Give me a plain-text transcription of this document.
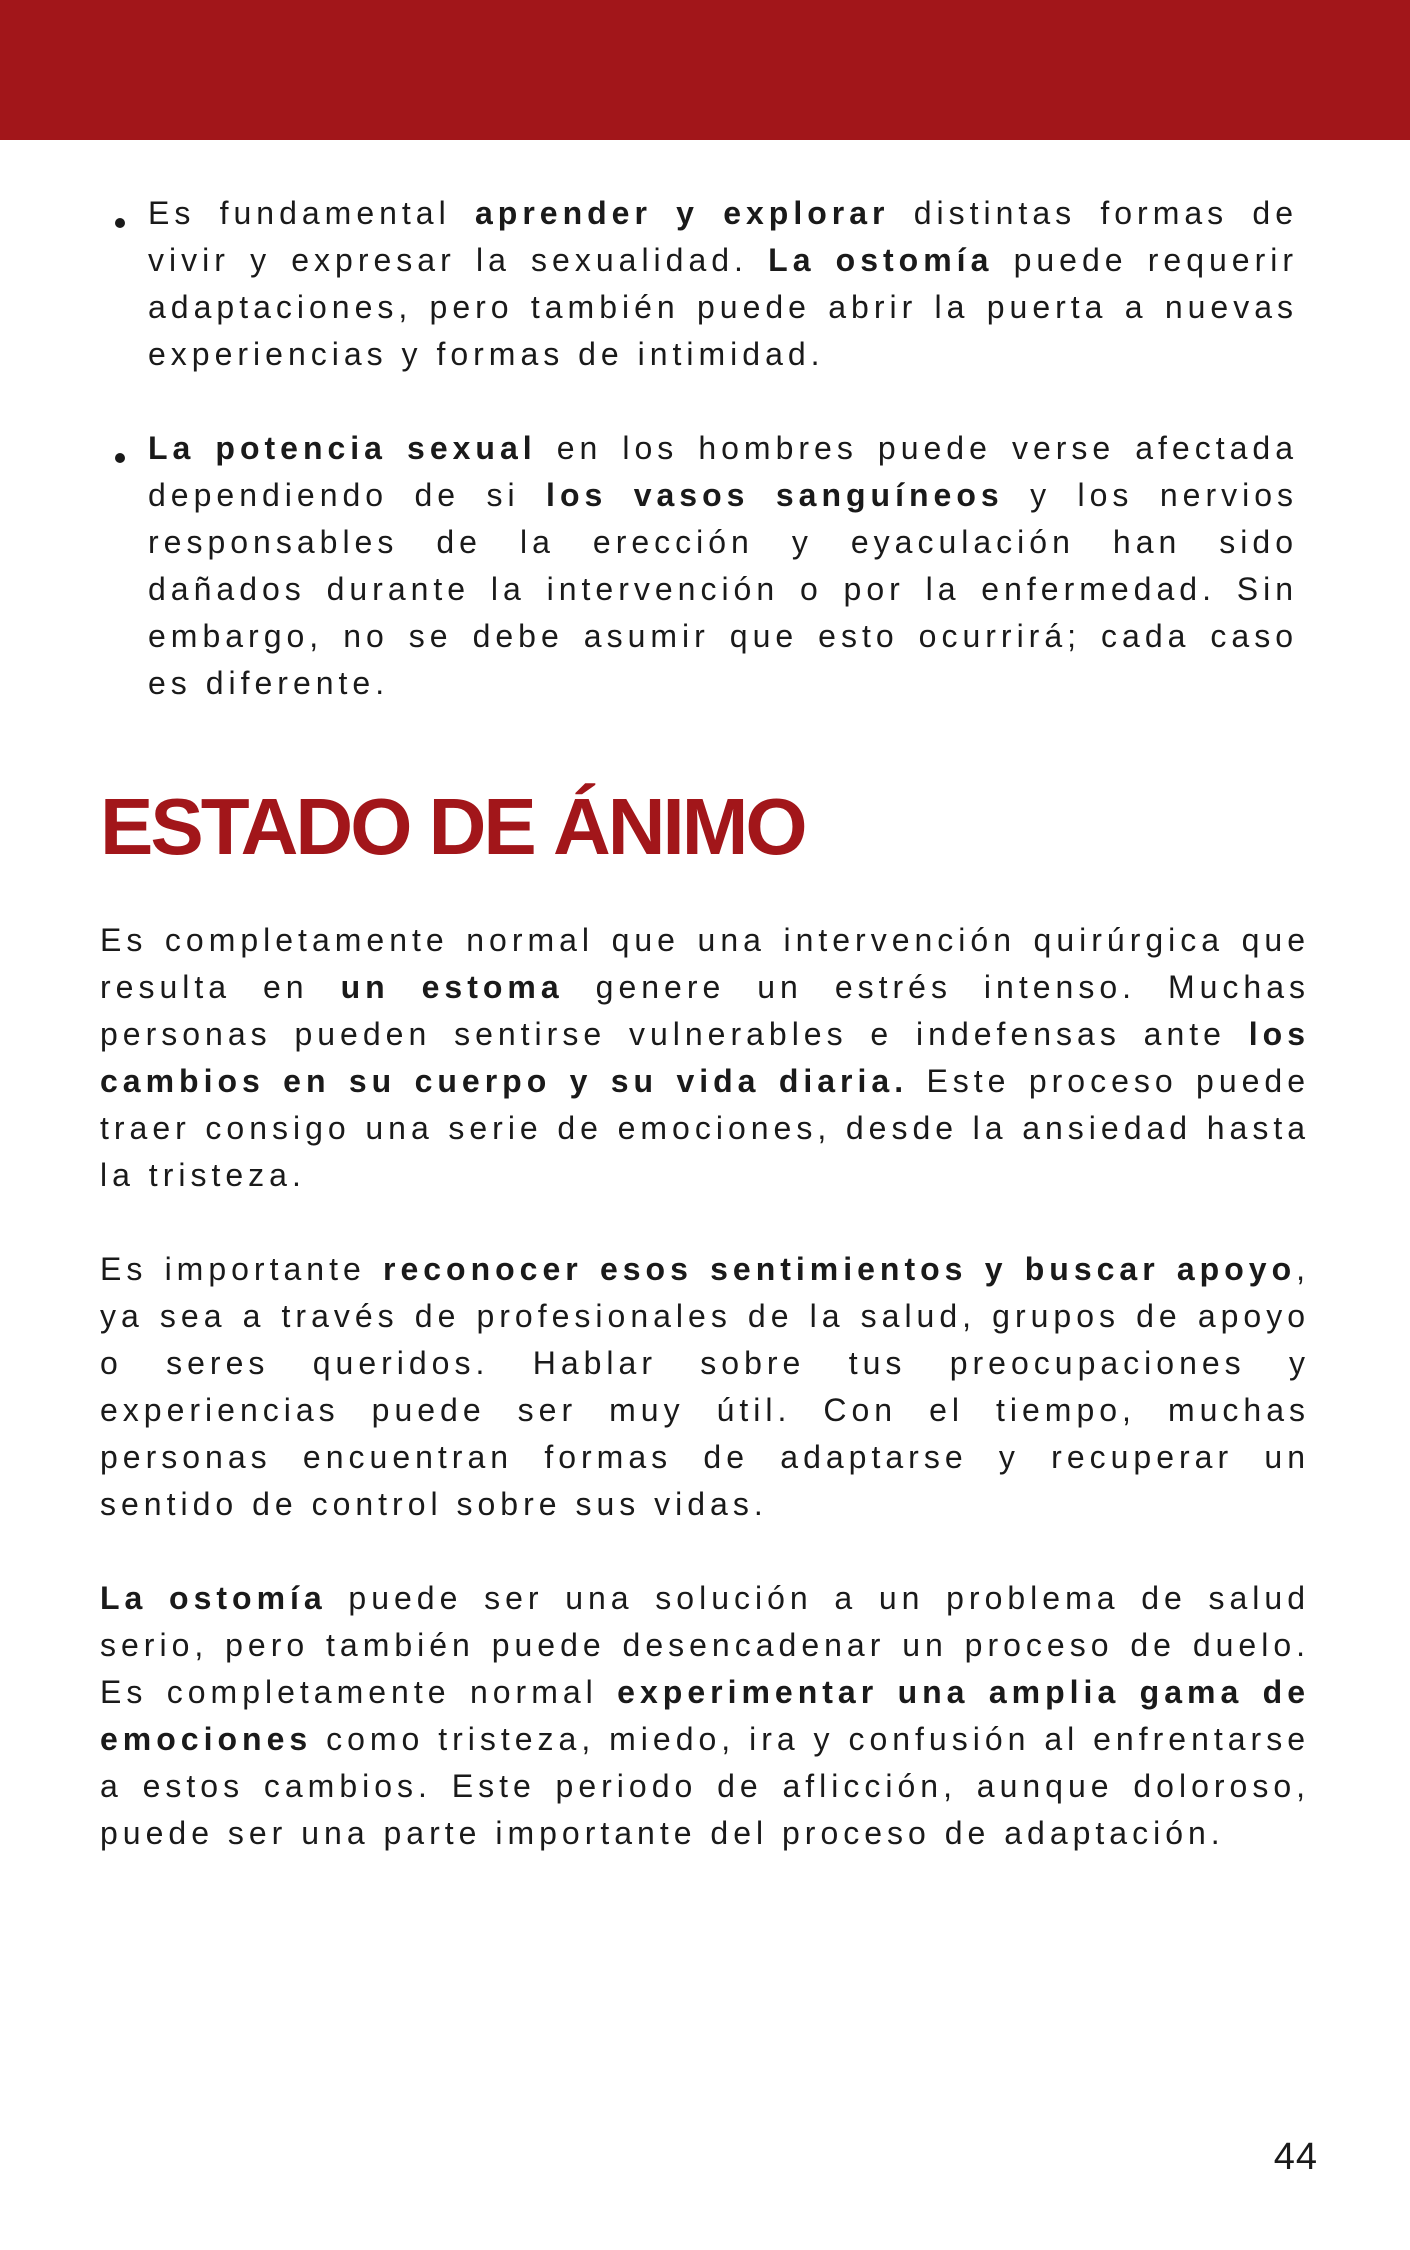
Es fundamental aprender y explorar distintas formas de vivir y expresar la sexualidad. La ostomía puede requerir adaptaciones, pero también puede abrir la puerta a nuevas experiencias y formas de intimidad.

La potencia sexual en los hombres puede verse afectada dependiendo de si los vasos sanguíneos y los nervios responsables de la erección y eyaculación han sido dañados durante la intervención o por la enfermedad. Sin embargo, no se debe asumir que esto ocurrirá; cada caso es diferente.

ESTADO DE ÁNIMO

Es completamente normal que una intervención quirúrgica que resulta en un estoma genere un estrés intenso. Muchas personas pueden sentirse vulnerables e indefensas ante los cambios en su cuerpo y su vida diaria. Este proceso puede traer consigo una serie de emociones, desde la ansiedad hasta la tristeza.

Es importante reconocer esos sentimientos y buscar apoyo, ya sea a través de profesionales de la salud, grupos de apoyo o seres queridos. Hablar sobre tus preocupaciones y experiencias puede ser muy útil. Con el tiempo, muchas personas encuentran formas de adaptarse y recuperar un sentido de control sobre sus vidas.

La ostomía puede ser una solución a un problema de salud serio, pero también puede desencadenar un proceso de duelo. Es completamente normal experimentar una amplia gama de emociones como tristeza, miedo, ira y confusión al enfrentarse a estos cambios. Este periodo de aflicción, aunque doloroso, puede ser una parte importante del proceso de adaptación.

44
